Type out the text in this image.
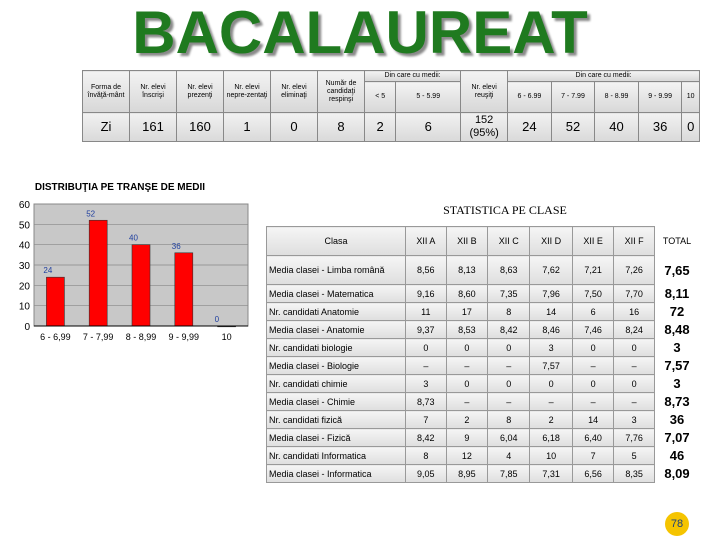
BACALAUREAT
Forma de învăţă-mânt	Nr. elevi înscrişi	Nr. elevi prezenţi	Nr. elevi nepre-zentaţi	Nr. elevi eliminaţi	Număr de candidaţi respinşi	Din care cu medii:		Nr. elevi reuşiţi	Din care cu medii:				
						< 5	5 - 5.99		6 - 6.99	7 - 7.99	8 - 8.99	9 - 9.99	10
Zi	161	160	1	0	8	2	6	152 (95%)	24	52	40	36	0
DISTRIBUŢIA PE TRANŞE DE MEDII
0
10
20
30
40
50
60
24
6 - 6,99
52
7 - 7,99
40
8 - 8,99
36
9 - 9,99
0
10
STATISTICA PE CLASE
Clasa	XII A	XII B	XII C	XII D	XII E	XII F	TOTAL
Media clasei - Limba română	8,56	8,13	8,63	7,62	7,21	7,26	7,65
Media clasei - Matematica	9,16	8,60	7,35	7,96	7,50	7,70	8,11
Nr. candidati Anatomie	11	17	8	14	6	16	72
Media clasei - Anatomie	9,37	8,53	8,42	8,46	7,46	8,24	8,48
Nr. candidati biologie	0	0	0	3	0	0	3
Media clasei - Biologie	–	–	–	7,57	–	–	7,57
Nr. candidati chimie	3	0	0	0	0	0	3
Media clasei - Chimie	8,73	–	–	–	–	–	8,73
Nr. candidati fizică	7	2	8	2	14	3	36
Media clasei - Fizică	8,42	9	6,04	6,18	6,40	7,76	7,07
Nr. candidati Informatica	8	12	4	10	7	5	46
Media clasei - Informatica	9,05	8,95	7,85	7,31	6,56	8,35	8,09
78
